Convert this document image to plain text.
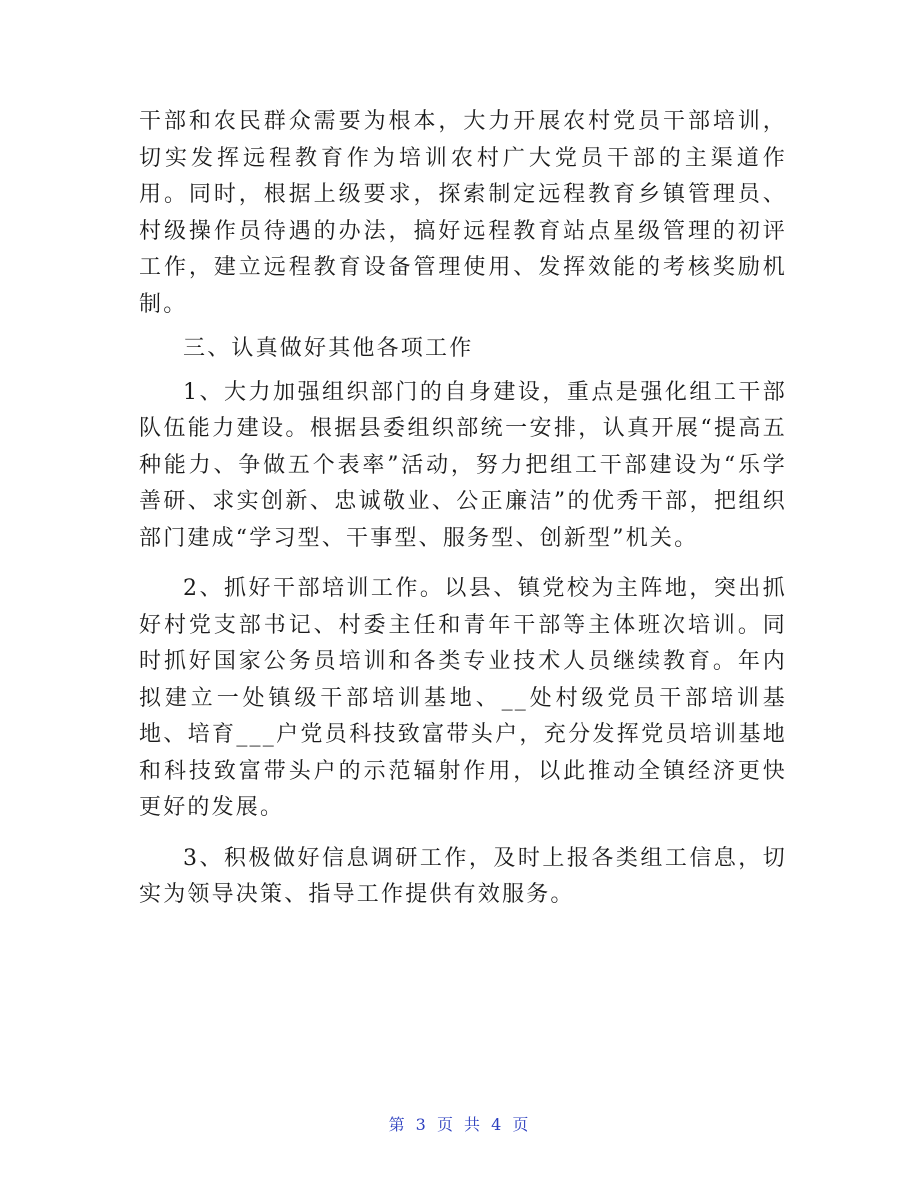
干部和农民群众需要为根本，大力开展农村党员干部培训，切实发挥远程教育作为培训农村广大党员干部的主渠道作用。同时，根据上级要求，探索制定远程教育乡镇管理员、村级操作员待遇的办法，搞好远程教育站点星级管理的初评工作，建立远程教育设备管理使用、发挥效能的考核奖励机制。

三、认真做好其他各项工作

1、大力加强组织部门的自身建设，重点是强化组工干部队伍能力建设。根据县委组织部统一安排，认真开展“提高五种能力、争做五个表率”活动，努力把组工干部建设为“乐学善研、求实创新、忠诚敬业、公正廉洁”的优秀干部，把组织部门建成“学习型、干事型、服务型、创新型”机关。

2、抓好干部培训工作。以县、镇党校为主阵地，突出抓好村党支部书记、村委主任和青年干部等主体班次培训。同时抓好国家公务员培训和各类专业技术人员继续教育。年内拟建立一处镇级干部培训基地、__处村级党员干部培训基地、培育___户党员科技致富带头户，充分发挥党员培训基地和科技致富带头户的示范辐射作用，以此推动全镇经济更快更好的发展。

3、积极做好信息调研工作，及时上报各类组工信息，切实为领导决策、指导工作提供有效服务。

第 3 页 共 4 页
